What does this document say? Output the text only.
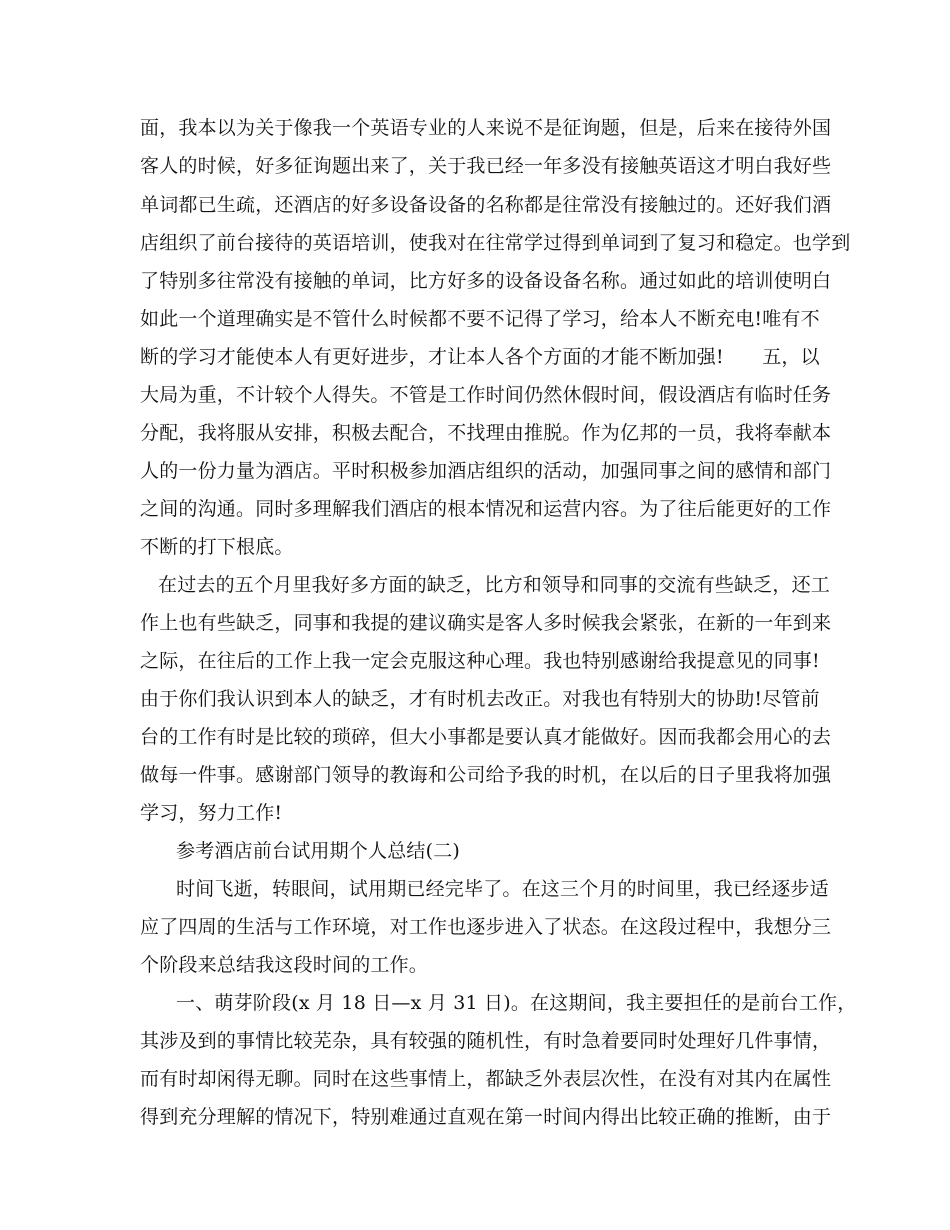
面，我本以为关于像我一个英语专业的人来说不是征询题，但是，后来在接待外国
客人的时候，好多征询题出来了，关于我已经一年多没有接触英语这才明白我好些
单词都已生疏，还酒店的好多设备设备的名称都是往常没有接触过的。还好我们酒
店组织了前台接待的英语培训，使我对在往常学过得到单词到了复习和稳定。也学到
了特别多往常没有接触的单词，比方好多的设备设备名称。通过如此的培训使明白
如此一个道理确实是不管什么时候都不要不记得了学习，给本人不断充电!唯有不
断的学习才能使本人有更好进步，才让本人各个方面的才能不断加强!　　五，以
大局为重，不计较个人得失。不管是工作时间仍然休假时间，假设酒店有临时任务
分配，我将服从安排，积极去配合，不找理由推脱。作为亿邦的一员，我将奉献本
人的一份力量为酒店。平时积极参加酒店组织的活动，加强同事之间的感情和部门
之间的沟通。同时多理解我们酒店的根本情况和运营内容。为了往后能更好的工作
不断的打下根底。
在过去的五个月里我好多方面的缺乏，比方和领导和同事的交流有些缺乏，还工
作上也有些缺乏，同事和我提的建议确实是客人多时候我会紧张，在新的一年到来
之际，在往后的工作上我一定会克服这种心理。我也特别感谢给我提意见的同事!
由于你们我认识到本人的缺乏，才有时机去改正。对我也有特别大的协助!尽管前
台的工作有时是比较的琐碎，但大小事都是要认真才能做好。因而我都会用心的去
做每一件事。感谢部门领导的教诲和公司给予我的时机，在以后的日子里我将加强
学习，努力工作!
参考酒店前台试用期个人总结(二)
时间飞逝，转眼间，试用期已经完毕了。在这三个月的时间里，我已经逐步适
应了四周的生活与工作环境，对工作也逐步进入了状态。在这段过程中，我想分三
个阶段来总结我这段时间的工作。
一、萌芽阶段(x 月 18 日—x 月 31 日)。在这期间，我主要担任的是前台工作，
其涉及到的事情比较芜杂，具有较强的随机性，有时急着要同时处理好几件事情，
而有时却闲得无聊。同时在这些事情上，都缺乏外表层次性，在没有对其内在属性
得到充分理解的情况下，特别难通过直观在第一时间内得出比较正确的推断，由于
